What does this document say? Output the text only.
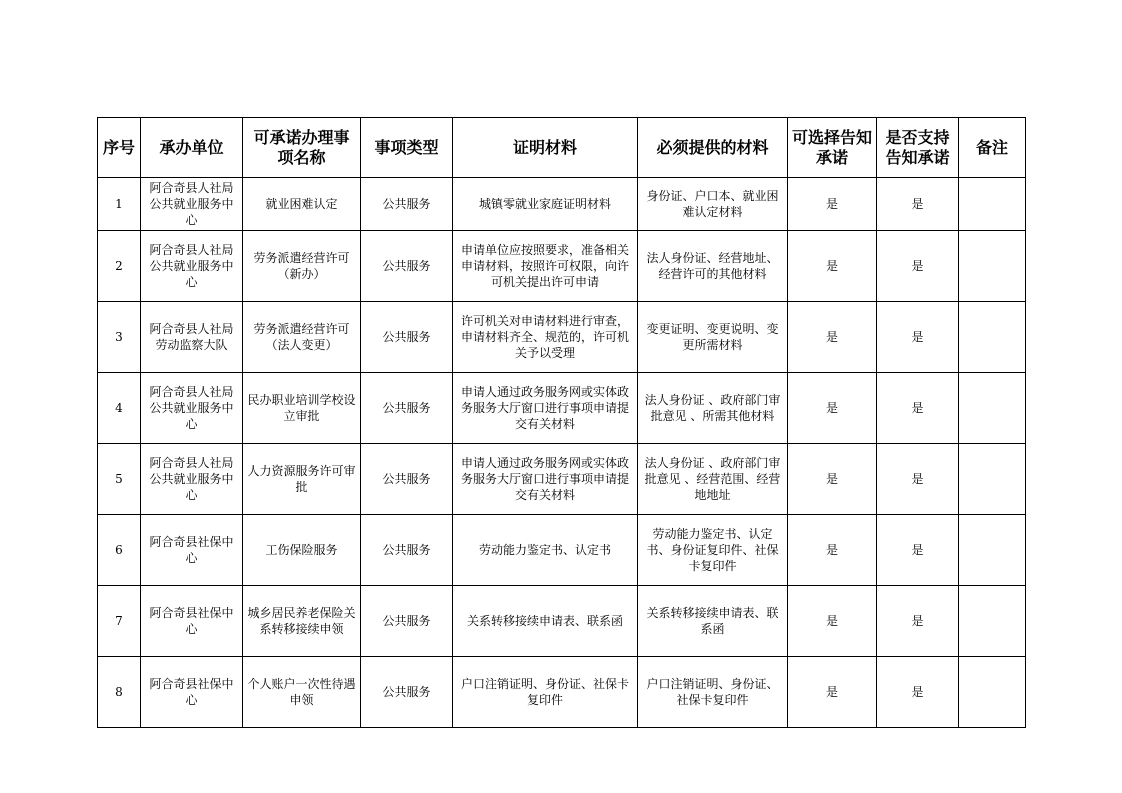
序号	承办单位	可承诺办理事项名称	事项类型	证明材料	必须提供的材料	可选择告知承诺	是否支持告知承诺	备注
1	阿合奇县人社局公共就业服务中心	就业困难认定	公共服务	城镇零就业家庭证明材料	身份证、户口本、就业困难认定材料	是	是	
2	阿合奇县人社局公共就业服务中心	劳务派遣经营许可（新办）	公共服务	申请单位应按照要求，准备相关申请材料，按照许可权限，向许可机关提出许可申请	法人身份证、经营地址、经营许可的其他材料	是	是	
3	阿合奇县人社局劳动监察大队	劳务派遣经营许可（法人变更）	公共服务	许可机关对申请材料进行审查，申请材料齐全、规范的，许可机关予以受理	变更证明、变更说明、变更所需材料	是	是	
4	阿合奇县人社局公共就业服务中心	民办职业培训学校设立审批	公共服务	申请人通过政务服务网或实体政务服务大厅窗口进行事项申请提交有关材料	法人身份证 、政府部门审批意见 、所需其他材料	是	是	
5	阿合奇县人社局公共就业服务中心	人力资源服务许可审批	公共服务	申请人通过政务服务网或实体政务服务大厅窗口进行事项申请提交有关材料	法人身份证 、政府部门审批意见 、经营范围、经营地地址	是	是	
6	阿合奇县社保中心	工伤保险服务	公共服务	劳动能力鉴定书、认定书	劳动能力鉴定书、认定书、身份证复印件、社保卡复印件	是	是	
7	阿合奇县社保中心	城乡居民养老保险关系转移接续申领	公共服务	关系转移接续申请表、联系函	关系转移接续申请表、联系函	是	是	
8	阿合奇县社保中心	个人账户一次性待遇申领	公共服务	户口注销证明、身份证、社保卡复印件	户口注销证明、身份证、社保卡复印件	是	是	
